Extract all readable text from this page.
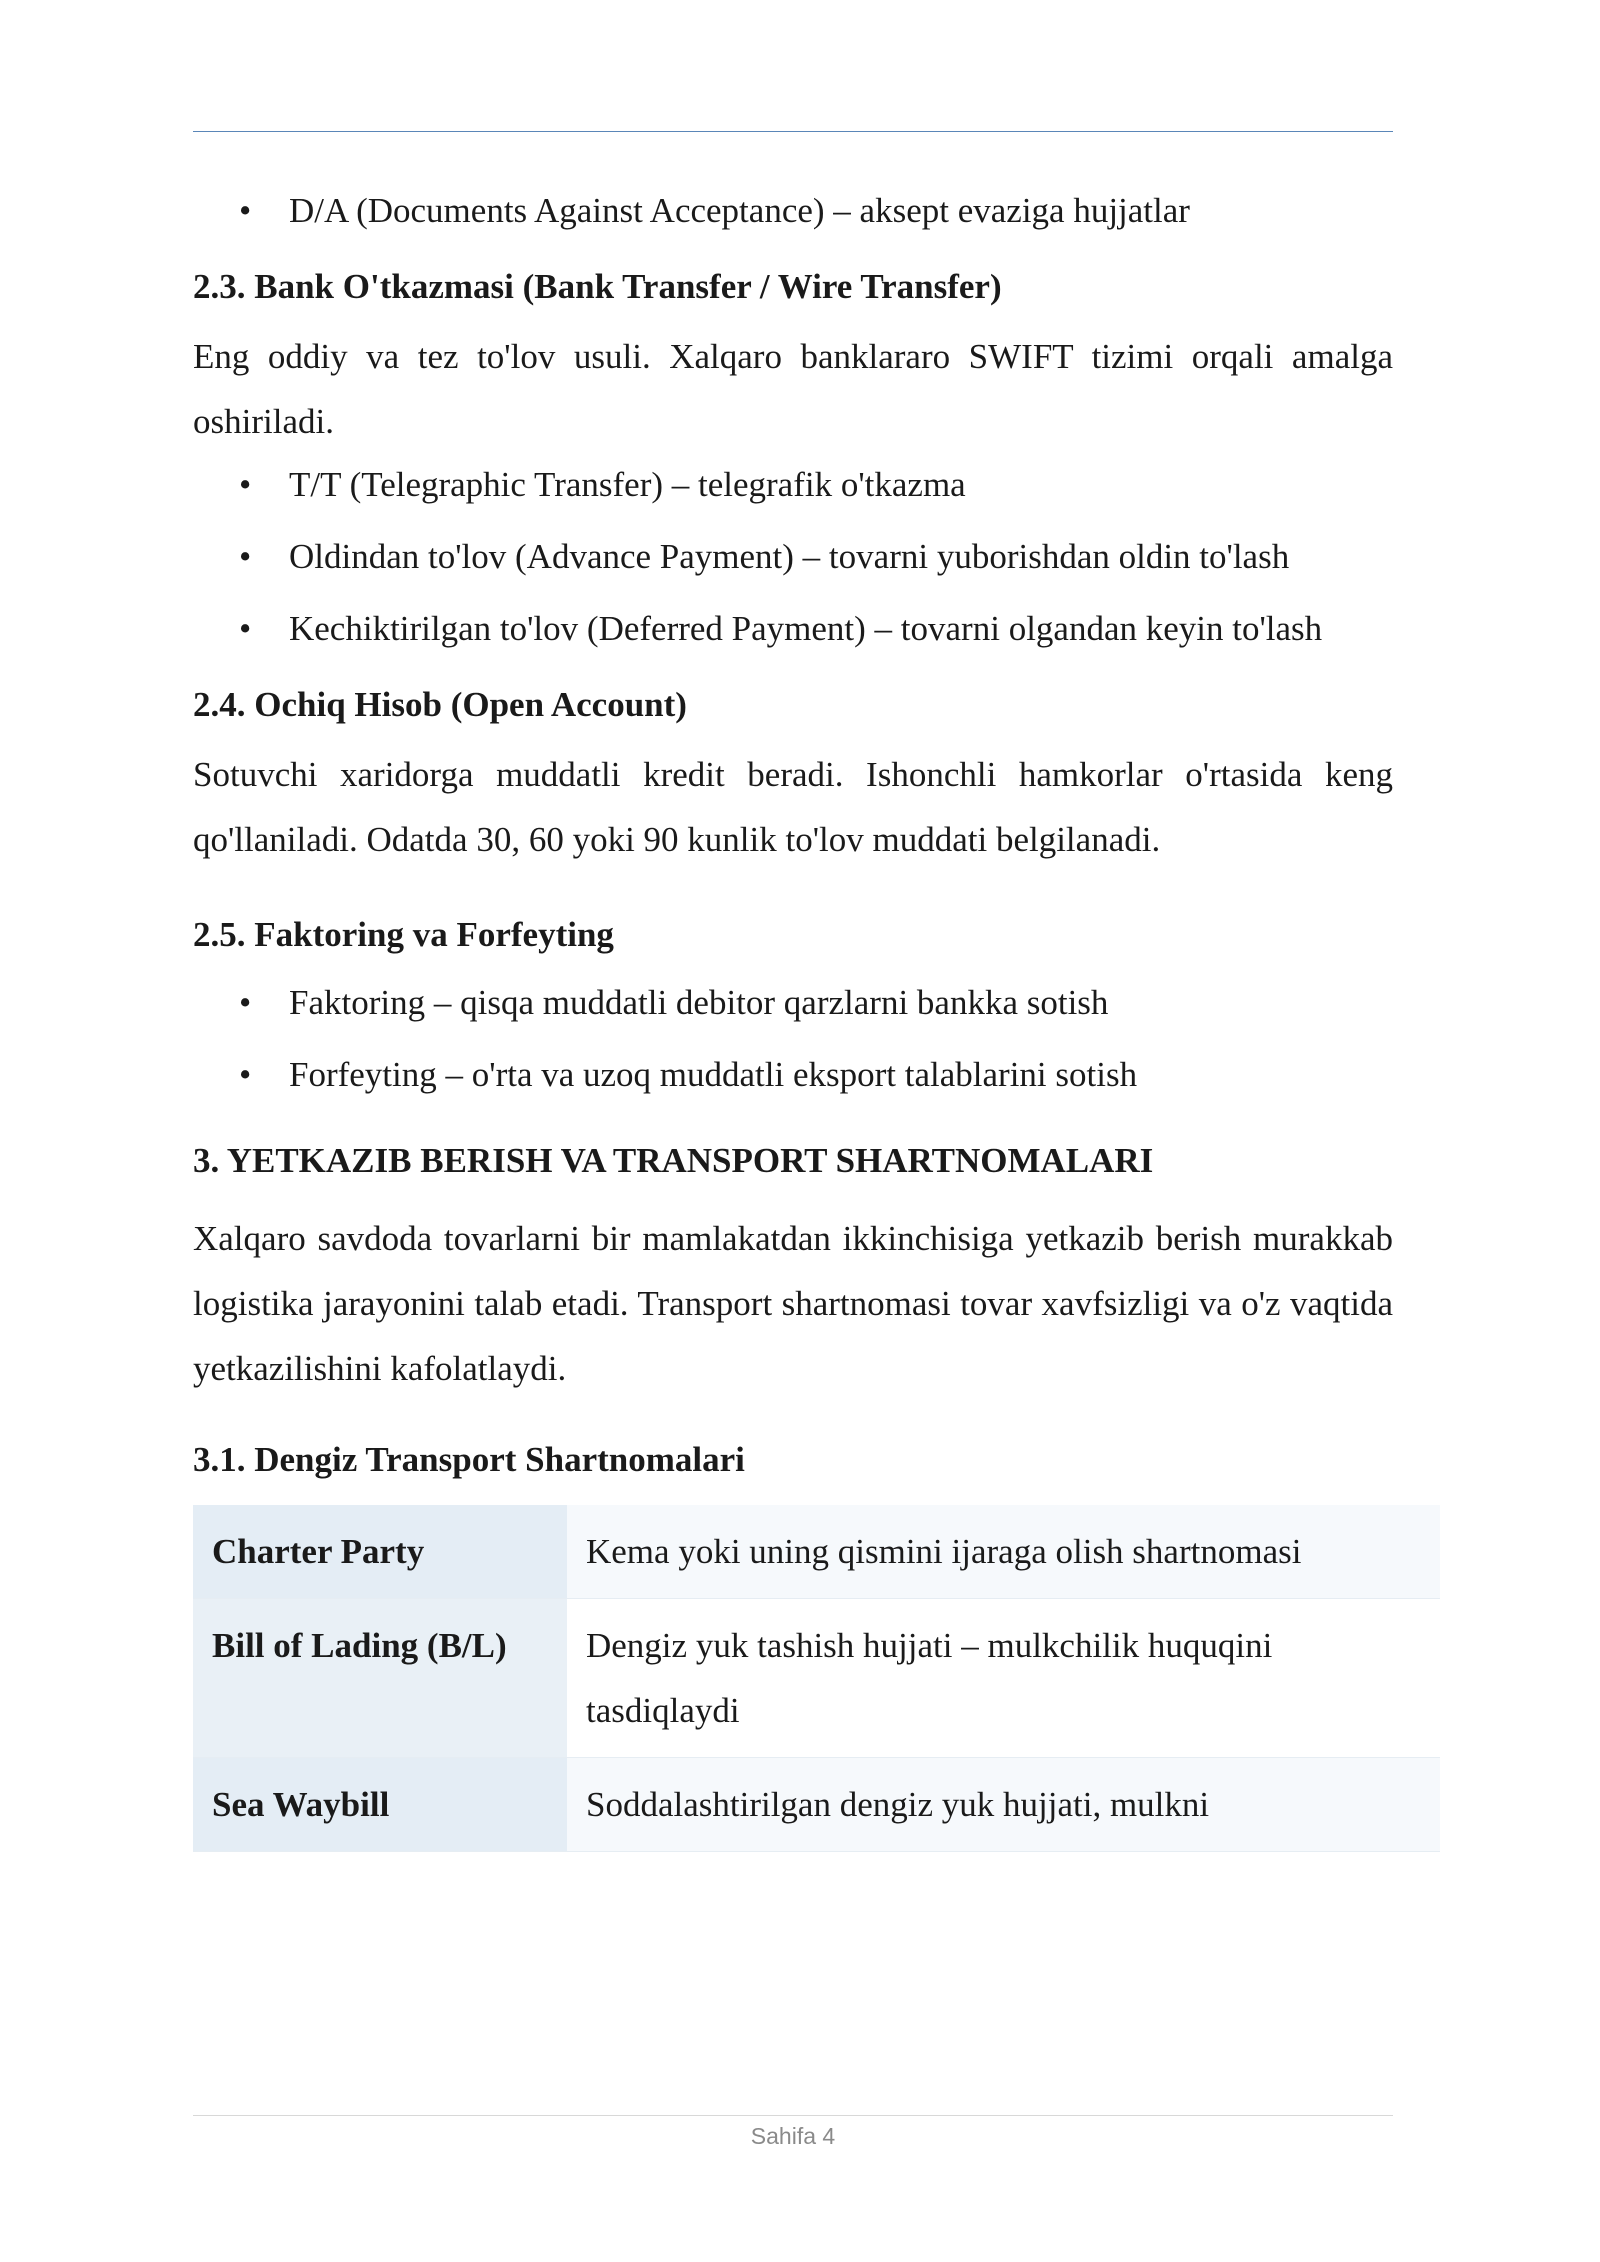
• D/A (Documents Against Acceptance) – aksept evaziga hujjatlar
2.3. Bank O'tkazmasi (Bank Transfer / Wire Transfer)

Eng oddiy va tez to'lov usuli. Xalqaro banklararo SWIFT tizimi orqali amalga oshiriladi.

• T/T (Telegraphic Transfer) – telegrafik o'tkazma
• Oldindan to'lov (Advance Payment) – tovarni yuborishdan oldin to'lash
• Kechiktirilgan to'lov (Deferred Payment) – tovarni olgandan keyin to'lash
2.4. Ochiq Hisob (Open Account)

Sotuvchi xaridorga muddatli kredit beradi. Ishonchli hamkorlar o'rtasida keng qo'llaniladi. Odatda 30, 60 yoki 90 kunlik to'lov muddati belgilanadi.

2.5. Faktoring va Forfeyting
• Faktoring – qisqa muddatli debitor qarzlarni bankka sotish
• Forfeyting – o'rta va uzoq muddatli eksport talablarini sotish
3. YETKAZIB BERISH VA TRANSPORT SHARTNOMALARI

Xalqaro savdoda tovarlarni bir mamlakatdan ikkinchisiga yetkazib berish murakkab logistika jarayonini talab etadi. Transport shartnomasi tovar xavfsizligi va o'z vaqtida yetkazilishini kafolatlaydi.

3.1. Dengiz Transport Shartnomalari
Charter Party	Kema yoki uning qismini ijaraga olish shartnomasi
Bill of Lading (B/L)	Dengiz yuk tashish hujjati – mulkchilik huquqini tasdiqlaydi
Sea Waybill	Soddalashtirilgan dengiz yuk hujjati, mulkni
Sahifa 4
